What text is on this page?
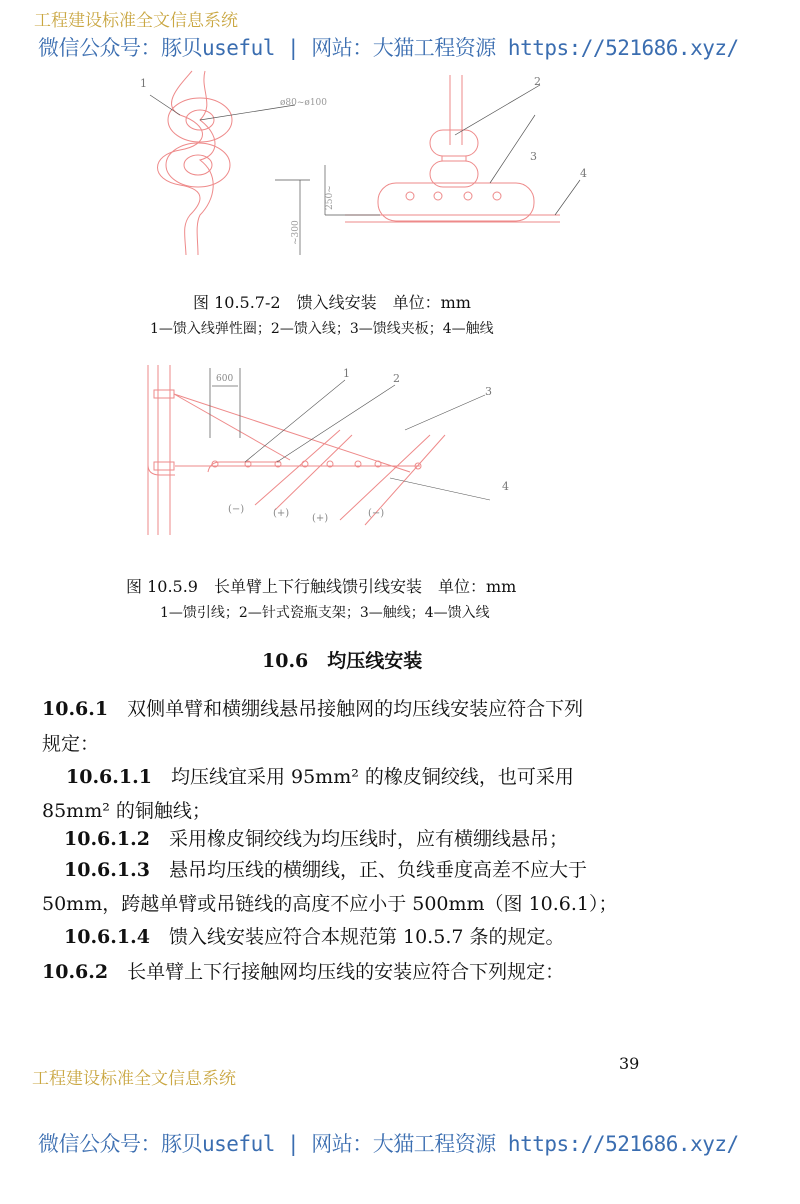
工程建设标准全文信息系统
微信公众号：豚贝useful | 网站：大猫工程资源 https://521686.xyz/
1	2
3
4
ø80~ø100
250~
~300
图 10.5.7-2　馈入线安装　单位：mm
1—馈入线弹性圈；2—馈入线；3—馈线夹板；4—触线
600	1	2
3
4
(−)	(+) (+)	(−)
图 10.5.9　长单臂上下行触线馈引线安装　单位：mm
1—馈引线；2—针式瓷瓶支架；3—触线；4—馈入线
10.6　均压线安装
10.6.1　 双侧单臂和横绷线悬吊接触网的均压线安装应符合下列
规定：
10.6.1.1　 均压线宜采用 95mm² 的橡皮铜绞线，也可采用
85mm² 的铜触线；
10.6.1.2　 采用橡皮铜绞线为均压线时，应有横绷线悬吊；
10.6.1.3　 悬吊均压线的横绷线，正、负线垂度高差不应大于
50mm，跨越单臂或吊链线的高度不应小于 500mm（图 10.6.1）；
10.6.1.4　 馈入线安装应符合本规范第 10.5.7 条的规定。
10.6.2　 长单臂上下行接触网均压线的安装应符合下列规定：
工程建设标准全文信息系统
39
微信公众号：豚贝useful | 网站：大猫工程资源 https://521686.xyz/
